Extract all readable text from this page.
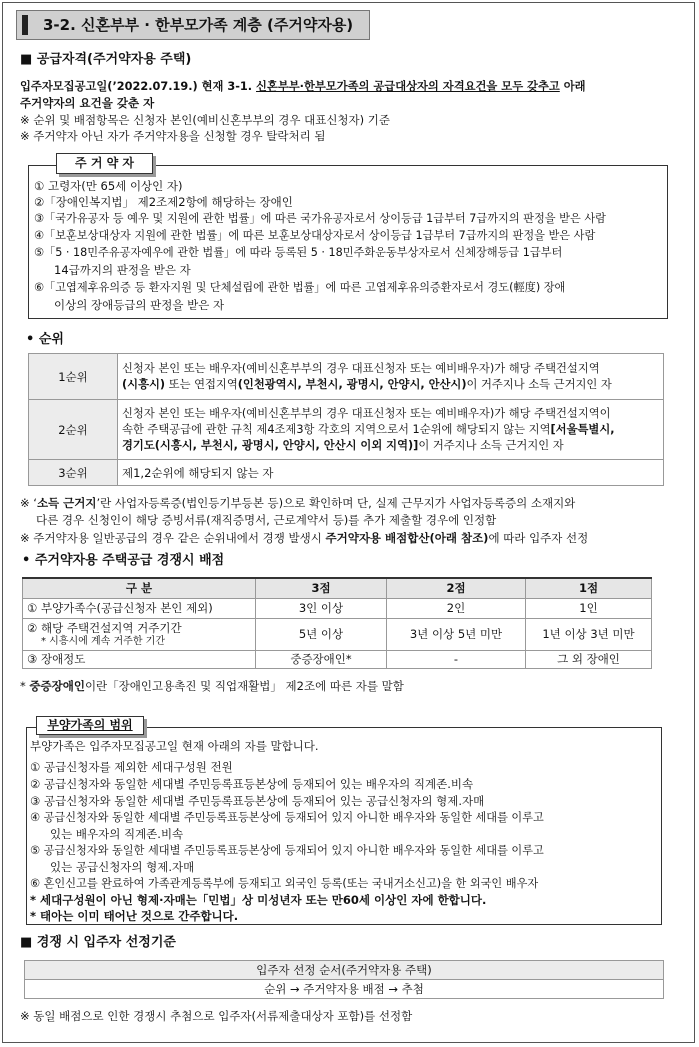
3-2. 신혼부부 · 한부모가족 계층 (주거약자용)
■ 공급자격(주거약자용 주택)
입주자모집공고일(’2022.07.19.) 현재 3-1. 신혼부부·한부모가족의 공급대상자의 자격요건을 모두 갖추고 아래
주거약자의 요건을 갖춘 자
※ 순위 및 배점항목은 신청자 본인(예비신혼부부의 경우 대표신청자) 기준
※ 주거약자 아닌 자가 주거약자용을 신청할 경우 탈락처리 됨
주 거 약 자
① 고령자(만 65세 이상인 자)
②「장애인복지법」 제2조제2항에 해당하는 장애인
③「국가유공자 등 예우 및 지원에 관한 법률」에 따른 국가유공자로서 상이등급 1급부터 7급까지의 판정을 받은 사람
④「보훈보상대상자 지원에 관한 법률」에 따른 보훈보상대상자로서 상이등급 1급부터 7급까지의 판정을 받은 사람
⑤「5 · 18민주유공자예우에 관한 법률」에 따라 등록된 5 · 18민주화운동부상자로서 신체장해등급 1급부터
14급까지의 판정을 받은 자
⑥「고엽제후유의증 등 환자지원 및 단체설립에 관한 법률」에 따른 고엽제후유의증환자로서 경도(輕度) 장애
이상의 장애등급의 판정을 받은 자
• 순위
1순위	신청자 본인 또는 배우자(예비신혼부부의 경우 대표신청자 또는 예비배우자)가 해당 주택건설지역
(시흥시) 또는 연접지역(인천광역시, 부천시, 광명시, 안양시, 안산시)이 거주지나 소득 근거지인 자

2순위	신청자 본인 또는 배우자(예비신혼부부의 경우 대표신청자 또는 예비배우자)가 해당 주택건설지역이
속한 주택공급에 관한 규칙 제4조제3항 각호의 지역으로서 1순위에 해당되지 않는 지역[서울특별시,
경기도(시흥시, 부천시, 광명시, 안양시, 안산시 이외 지역)]이 거주지나 소득 근거지인 자

3순위	제1,2순위에 해당되지 않는 자
※ ‘소득 근거지’란 사업자등록증(법인등기부등본 등)으로 확인하며 단, 실제 근무지가 사업자등록증의 소재지와
다른 경우 신청인이 해당 증빙서류(재직증명서, 근로계약서 등)를 추가 제출할 경우에 인정함
※ 주거약자용 일반공급의 경우 같은 순위내에서 경쟁 발생시 주거약자용 배점합산(아래 참조)에 따라 입주자 선정
• 주거약자용 주택공급 경쟁시 배점
구 분	3점	2점	1점
① 부양가족수(공급신청자 본인 제외)	3인 이상	2인	1인

② 해당 주택건설지역 거주기간
* 시흥시에 계속 거주한 기간	5년 이상	3년 이상 5년 미만	1년 이상 3년 미만
③ 장애정도	중증장애인*	-	그 외 장애인
* 중증장애인이란「장애인고용촉진 및 직업재활법」 제2조에 따른 자를 말함
부양가족의 범위
부양가족은 입주자모집공고일 현재 아래의 자를 말합니다.
① 공급신청자를 제외한 세대구성원 전원
② 공급신청자와 동일한 세대별 주민등록표등본상에 등재되어 있는 배우자의 직계존.비속
③ 공급신청자와 동일한 세대별 주민등록표등본상에 등재되어 있는 공급신청자의 형제.자매
④ 공급신청자와 동일한 세대별 주민등록표등본상에 등재되어 있지 아니한 배우자와 동일한 세대를 이루고
있는 배우자의 직계존.비속
⑤ 공급신청자와 동일한 세대별 주민등록표등본상에 등재되어 있지 아니한 배우자와 동일한 세대를 이루고
있는 공급신청자의 형제.자매
⑥ 혼인신고를 완료하여 가족관계등록부에 등재되고 외국인 등록(또는 국내거소신고)을 한 외국인 배우자
* 세대구성원이 아닌 형제·자매는「민법」상 미성년자 또는 만60세 이상인 자에 한합니다.
* 태아는 이미 태어난 것으로 간주합니다.
■ 경쟁 시 입주자 선정기준
입주자 선정 순서(주거약자용 주택)
순위 → 주거약자용 배점 → 추첨
※ 동일 배점으로 인한 경쟁시 추첨으로 입주자(서류제출대상자 포함)를 선정함
